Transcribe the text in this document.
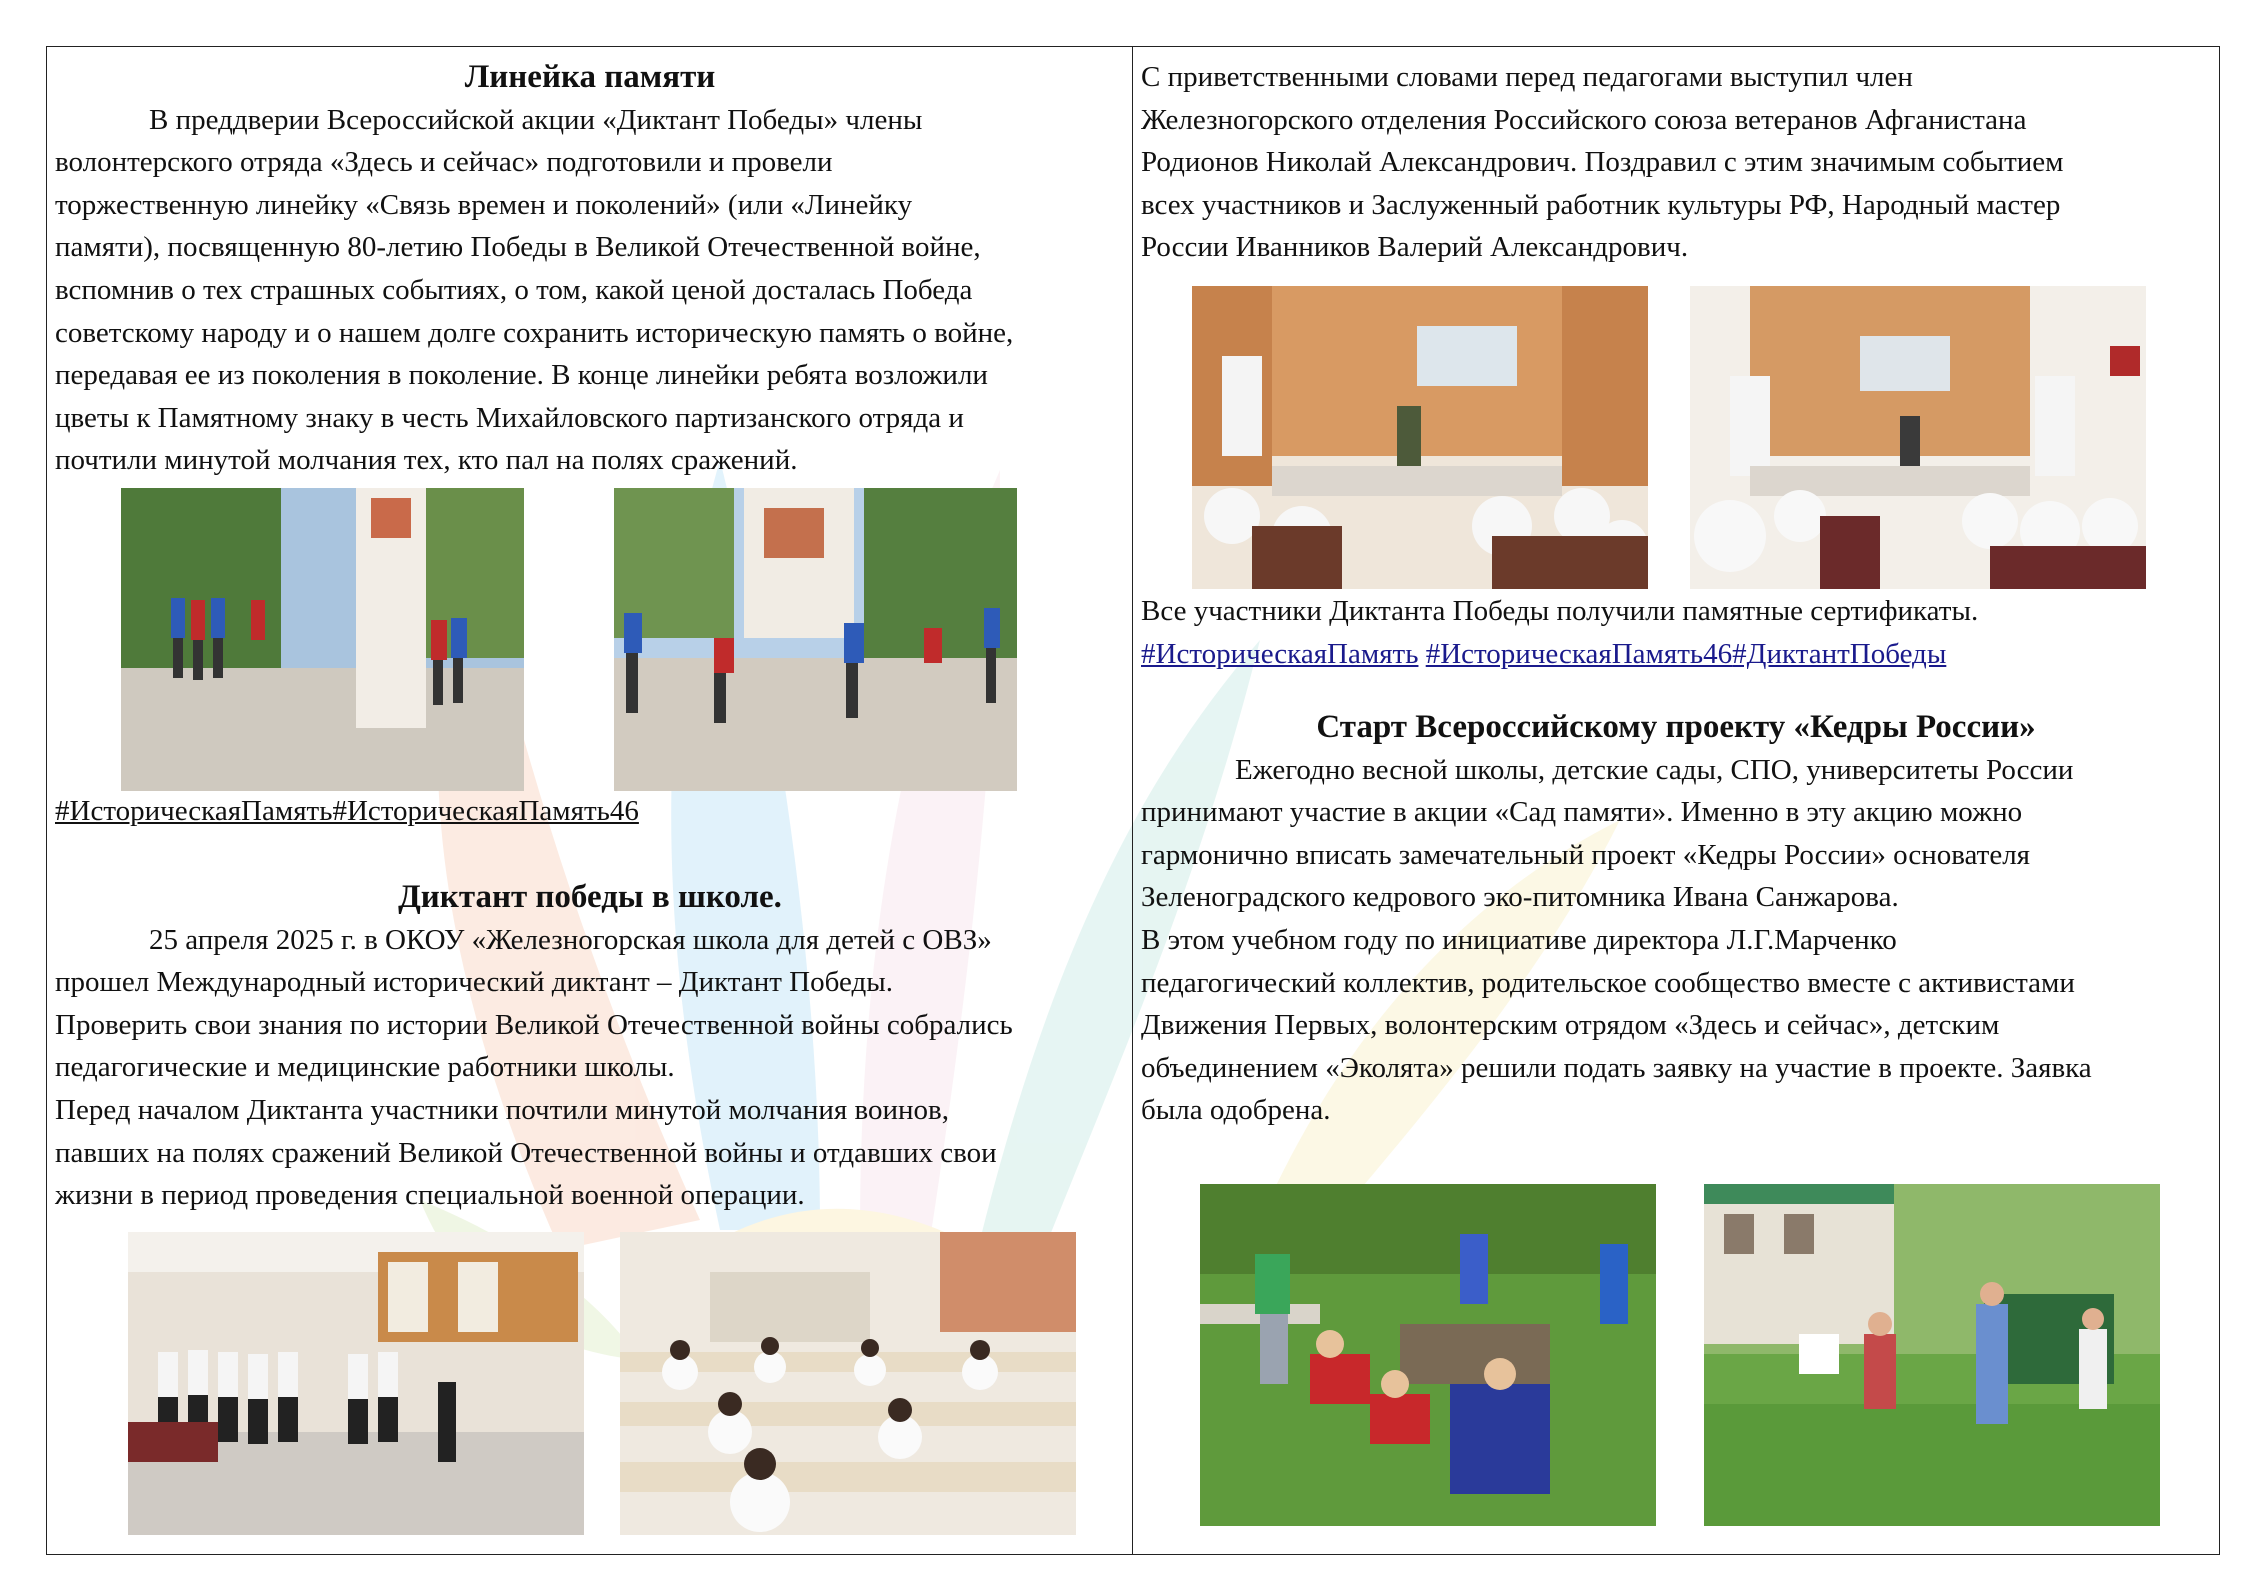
Линейка памяти

В преддверии Всероссийской акции «Диктант Победы» члены

волонтерского отряда «Здесь и сейчас» подготовили и провели

торжественную линейку «Связь времен и поколений» (или «Линейку

памяти), посвященную 80-летию Победы в Великой Отечественной войне,

вспомнив о тех страшных событиях, о том, какой ценой досталась Победа

советскому народу и о нашем долге сохранить историческую память о войне,

передавая ее из поколения в поколение. В конце линейки ребята возложили

цветы к Памятному знаку в честь Михайловского партизанского отряда и

почтили минутой молчания тех, кто пал на полях сражений.

#ИсторическаяПамять#ИсторическаяПамять46

Диктант победы в школе.

25 апреля 2025 г. в ОКОУ «Железногорская школа для детей с ОВЗ»

прошел Международный исторический диктант – Диктант Победы.

Проверить свои знания по истории Великой Отечественной войны собрались

педагогические и медицинские работники школы.

Перед началом Диктанта участники почтили минутой молчания воинов,

павших на полях сражений Великой Отечественной войны и отдавших свои

жизни в период проведения специальной военной операции.

С приветственными словами перед педагогами выступил член

Железногорского отделения Российского союза ветеранов Афганистана

Родионов Николай Александрович. Поздравил с этим значимым событием

всех участников и Заслуженный работник культуры РФ, Народный мастер

России Иванников Валерий Александрович.

Все участники Диктанта Победы получили памятные сертификаты.

#ИсторическаяПамять #ИсторическаяПамять46#ДиктантПобеды

Старт Всероссийскому проекту «Кедры России»

Ежегодно весной школы, детские сады, СПО, университеты России

принимают участие в акции «Сад памяти». Именно в эту акцию можно

гармонично вписать замечательный проект «Кедры России» основателя

Зеленоградского кедрового эко-питомника Ивана Санжарова.

В этом учебном году по инициативе директора Л.Г.Марченко

педагогический коллектив, родительское сообщество вместе с активистами

Движения Первых, волонтерским отрядом «Здесь и сейчас», детским

объединением «Эколята» решили подать заявку на участие в проекте. Заявка

была одобрена.
